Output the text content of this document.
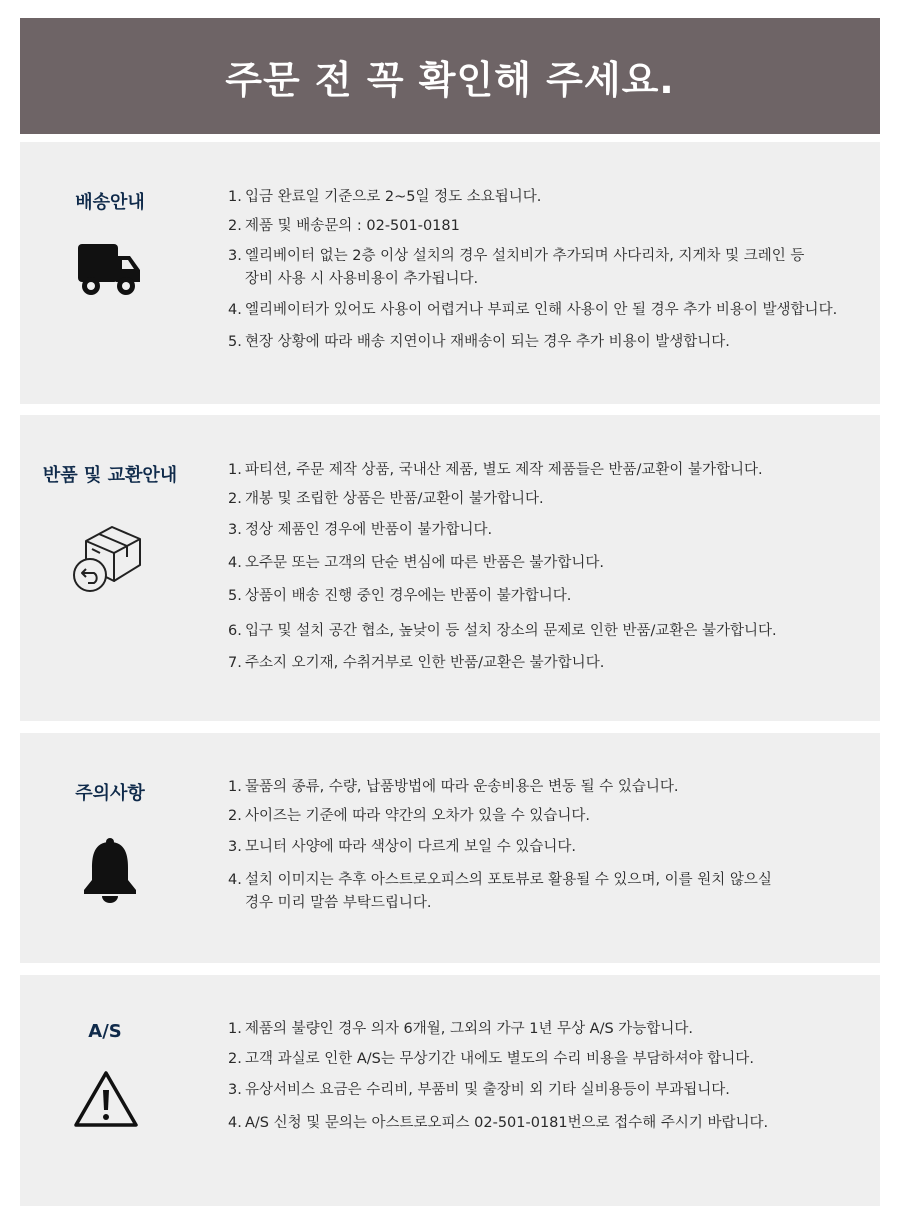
주문 전 꼭 확인해 주세요.
배송안내	1. 입금 완료일 기준으로 2~5일 정도 소요됩니다.
2. 제품 및 배송문의 : 02-501-0181
3. 엘리베이터 없는 2층 이상 설치의 경우 설치비가 추가되며 사다리차, 지게차 및 크레인 등
장비 사용 시 사용비용이 추가됩니다.
4. 엘리베이터가 있어도 사용이 어렵거나 부피로 인해 사용이 안 될 경우 추가 비용이 발생합니다.
5. 현장 상황에 따라 배송 지연이나 재배송이 되는 경우 추가 비용이 발생합니다.
반품 및 교환안내	1. 파티션, 주문 제작 상품, 국내산 제품, 별도 제작 제품들은 반품/교환이 불가합니다.
2. 개봉 및 조립한 상품은 반품/교환이 불가합니다.
3. 정상 제품인 경우에 반품이 불가합니다.
4. 오주문 또는 고객의 단순 변심에 따른 반품은 불가합니다.
5. 상품이 배송 진행 중인 경우에는 반품이 불가합니다.
6. 입구 및 설치 공간 협소, 높낮이 등 설치 장소의 문제로 인한 반품/교환은 불가합니다.
7. 주소지 오기재, 수취거부로 인한 반품/교환은 불가합니다.
주의사항	1. 물품의 종류, 수량, 납품방법에 따라 운송비용은 변동 될 수 있습니다.
2. 사이즈는 기준에 따라 약간의 오차가 있을 수 있습니다.
3. 모니터 사양에 따라 색상이 다르게 보일 수 있습니다.
4. 설치 이미지는 추후 아스트로오피스의 포토뷰로 활용될 수 있으며, 이를 원치 않으실
경우 미리 말씀 부탁드립니다.
A/S	1. 제품의 불량인 경우 의자 6개월, 그외의 가구 1년 무상 A/S 가능합니다.
2. 고객 과실로 인한 A/S는 무상기간 내에도 별도의 수리 비용을 부담하셔야 합니다.
3. 유상서비스 요금은 수리비, 부품비 및 출장비 외 기타 실비용등이 부과됩니다.
4. A/S 신청 및 문의는 아스트로오피스 02-501-0181번으로 접수해 주시기 바랍니다.
